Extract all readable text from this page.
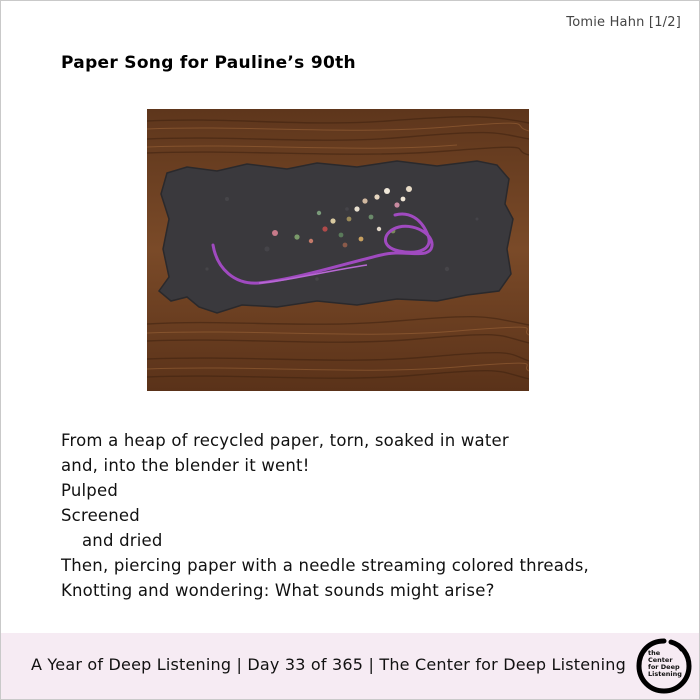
Tomie Hahn [1/2]
Paper Song for Pauline’s 90th
From a heap of recycled paper, torn, soaked in water
and, into the blender it went!
Pulped
Screened
and dried
Then, piercing paper with a needle streaming colored threads,
Knotting and wondering: What sounds might arise?
A Year of Deep Listening | Day 33 of 365 | The Center for Deep Listening
the
Center
for Deep
Listening
